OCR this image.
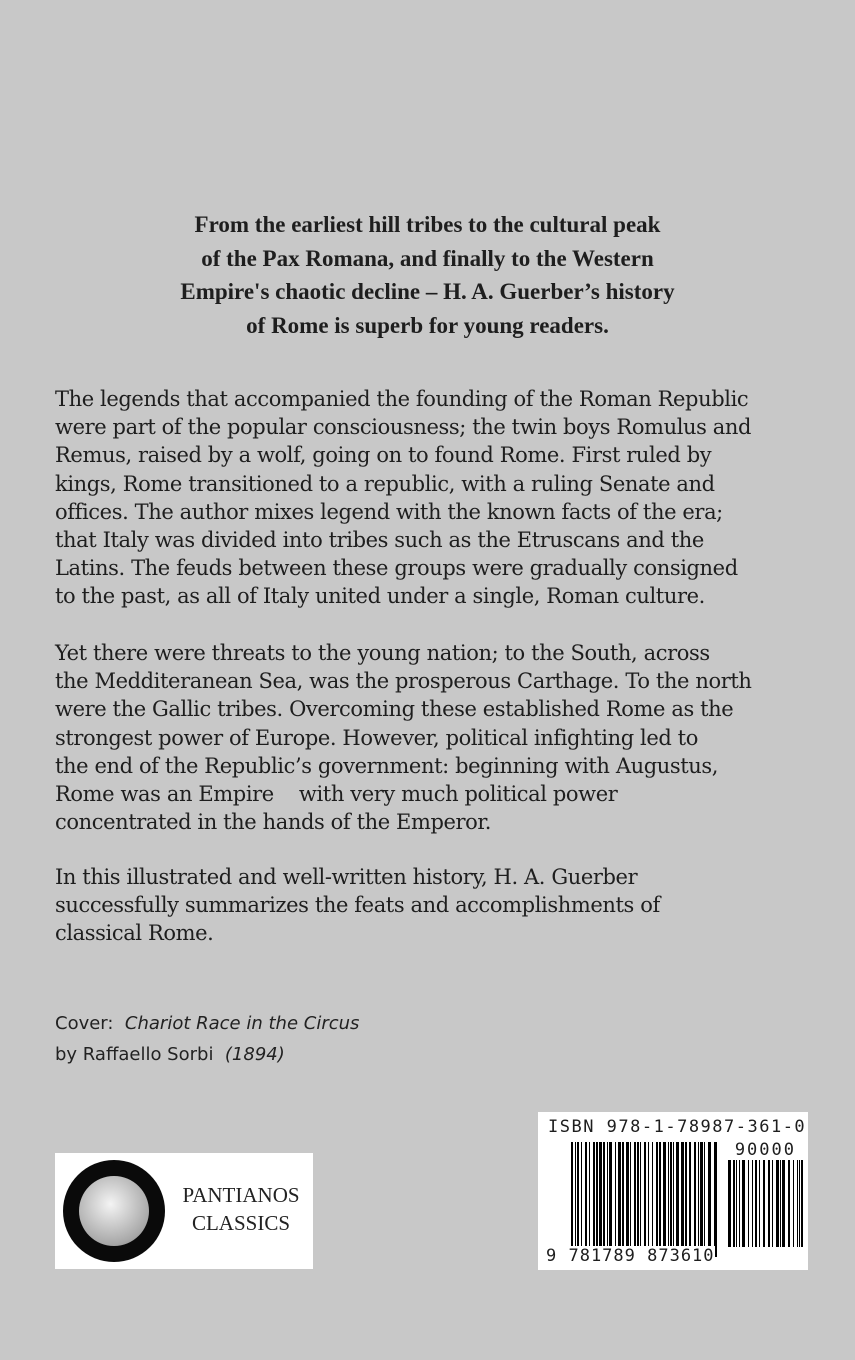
From the earliest hill tribes to the cultural peak
of the Pax Romana, and finally to the Western
Empire's chaotic decline – H. A. Guerber’s history
of Rome is superb for young readers.
The legends that accompanied the founding of the Roman Republic
were part of the popular consciousness; the twin boys Romulus and
Remus, raised by a wolf, going on to found Rome. First ruled by
kings, Rome transitioned to a republic, with a ruling Senate and
offices. The author mixes legend with the known facts of the era;
that Italy was divided into tribes such as the Etruscans and the
Latins. The feuds between these groups were gradually consigned
to the past, as all of Italy united under a single, Roman culture.
Yet there were threats to the young nation; to the South, across
the Medditeranean Sea, was the prosperous Carthage. To the north
were the Gallic tribes. Overcoming these established Rome as the
strongest power of Europe. However, political infighting led to
the end of the Republic’s government: beginning with Augustus,
Rome was an Empire    with very much political power
concentrated in the hands of the Emperor.
In this illustrated and well-written history, H. A. Guerber
successfully summarizes the feats and accomplishments of
classical Rome.
Cover: Chariot Race in the Circus
by Raffaello Sorbi (1894)
PANTIANOS
CLASSICS
ISBN 978-1-78987-361-0
90000
9 781789 873610
